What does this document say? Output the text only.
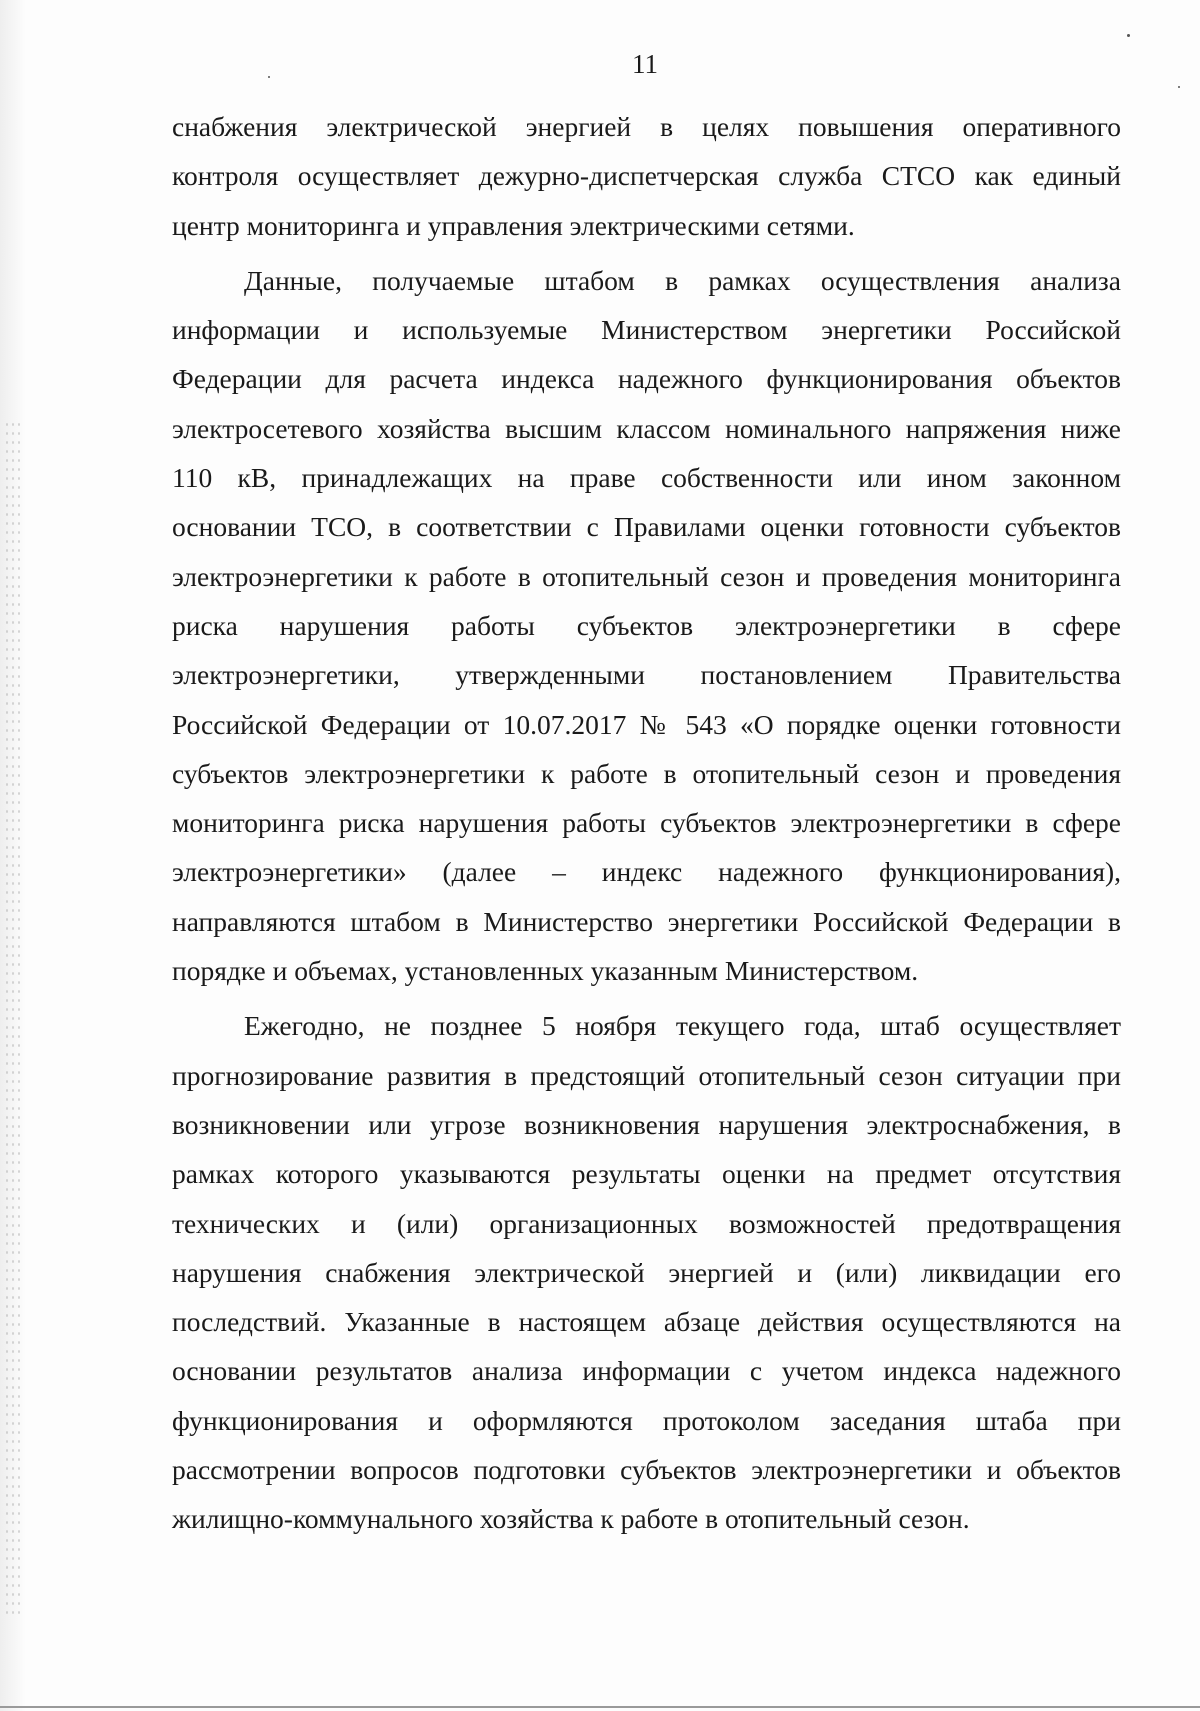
11

снабжения электрической энергией в целях повышения оперативного
контроля осуществляет дежурно-диспетчерская служба СТСО как единый
центр мониторинга и управления электрическими сетями.

Данные, получаемые штабом в рамках осуществления анализа
информации и используемые Министерством энергетики Российской
Федерации для расчета индекса надежного функционирования объектов
электросетевого хозяйства высшим классом номинального напряжения ниже
110 кВ, принадлежащих на праве собственности или ином законном
основании ТСО, в соответствии с Правилами оценки готовности субъектов
электроэнергетики к работе в отопительный сезон и проведения мониторинга
риска нарушения работы субъектов электроэнергетики в сфере
электроэнергетики, утвержденными постановлением Правительства
Российской Федерации от 10.07.2017 № 543 «О порядке оценки готовности
субъектов электроэнергетики к работе в отопительный сезон и проведения
мониторинга риска нарушения работы субъектов электроэнергетики в сфере
электроэнергетики» (далее – индекс надежного функционирования),
направляются штабом в Министерство энергетики Российской Федерации в
порядке и объемах, установленных указанным Министерством.

Ежегодно, не позднее 5 ноября текущего года, штаб осуществляет
прогнозирование развития в предстоящий отопительный сезон ситуации при
возникновении или угрозе возникновения нарушения электроснабжения, в
рамках которого указываются результаты оценки на предмет отсутствия
технических и (или) организационных возможностей предотвращения
нарушения снабжения электрической энергией и (или) ликвидации его
последствий. Указанные в настоящем абзаце действия осуществляются на
основании результатов анализа информации с учетом индекса надежного
функционирования и оформляются протоколом заседания штаба при
рассмотрении вопросов подготовки субъектов электроэнергетики и объектов
жилищно-коммунального хозяйства к работе в отопительный сезон.
